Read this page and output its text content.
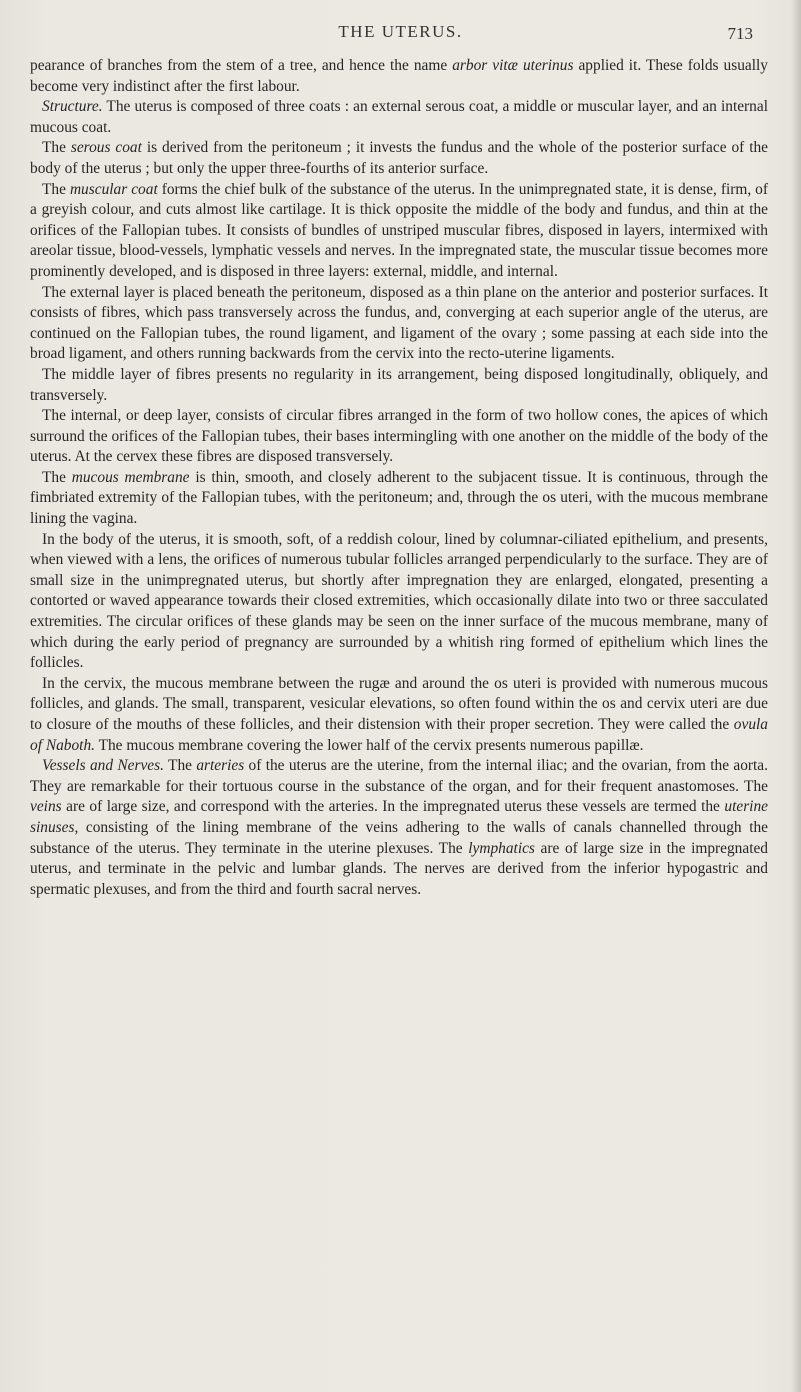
THE UTERUS.	713

pearance of branches from the stem of a tree, and hence the name arbor vitæ uterinus applied it. These folds usually become very indistinct after the first labour.

Structure. The uterus is composed of three coats : an external serous coat, a middle or muscular layer, and an internal mucous coat.

The serous coat is derived from the peritoneum ; it invests the fundus and the whole of the posterior surface of the body of the uterus ; but only the upper three-fourths of its anterior surface.

The muscular coat forms the chief bulk of the substance of the uterus. In the unimpregnated state, it is dense, firm, of a greyish colour, and cuts almost like cartilage. It is thick opposite the middle of the body and fundus, and thin at the orifices of the Fallopian tubes. It consists of bundles of unstriped muscular fibres, disposed in layers, intermixed with areolar tissue, blood-vessels, lymphatic vessels and nerves. In the impregnated state, the muscular tissue becomes more prominently developed, and is disposed in three layers: external, middle, and internal.

The external layer is placed beneath the peritoneum, disposed as a thin plane on the anterior and posterior surfaces. It consists of fibres, which pass transversely across the fundus, and, converging at each superior angle of the uterus, are continued on the Fallopian tubes, the round ligament, and ligament of the ovary ; some passing at each side into the broad ligament, and others running backwards from the cervix into the recto-uterine ligaments.

The middle layer of fibres presents no regularity in its arrangement, being disposed longitudinally, obliquely, and transversely.

The internal, or deep layer, consists of circular fibres arranged in the form of two hollow cones, the apices of which surround the orifices of the Fallopian tubes, their bases intermingling with one another on the middle of the body of the uterus. At the cervex these fibres are disposed transversely.

The mucous membrane is thin, smooth, and closely adherent to the subjacent tissue. It is continuous, through the fimbriated extremity of the Fallopian tubes, with the peritoneum; and, through the os uteri, with the mucous membrane lining the vagina.

In the body of the uterus, it is smooth, soft, of a reddish colour, lined by columnar-ciliated epithelium, and presents, when viewed with a lens, the orifices of numerous tubular follicles arranged perpendicularly to the surface. They are of small size in the unimpregnated uterus, but shortly after impregnation they are enlarged, elongated, presenting a contorted or waved appearance towards their closed extremities, which occasionally dilate into two or three sacculated extremities. The circular orifices of these glands may be seen on the inner surface of the mucous membrane, many of which during the early period of pregnancy are surrounded by a whitish ring formed of epithelium which lines the follicles.

In the cervix, the mucous membrane between the rugæ and around the os uteri is provided with numerous mucous follicles, and glands. The small, transparent, vesicular elevations, so often found within the os and cervix uteri are due to closure of the mouths of these follicles, and their distension with their proper secretion. They were called the ovula of Naboth. The mucous membrane covering the lower half of the cervix presents numerous papillæ.

Vessels and Nerves. The arteries of the uterus are the uterine, from the internal iliac; and the ovarian, from the aorta. They are remarkable for their tortuous course in the substance of the organ, and for their frequent anastomoses. The veins are of large size, and correspond with the arteries. In the impregnated uterus these vessels are termed the uterine sinuses, consisting of the lining membrane of the veins adhering to the walls of canals channelled through the substance of the uterus. They terminate in the uterine plexuses. The lymphatics are of large size in the impregnated uterus, and terminate in the pelvic and lumbar glands. The nerves are derived from the inferior hypogastric and spermatic plexuses, and from the third and fourth sacral nerves.
